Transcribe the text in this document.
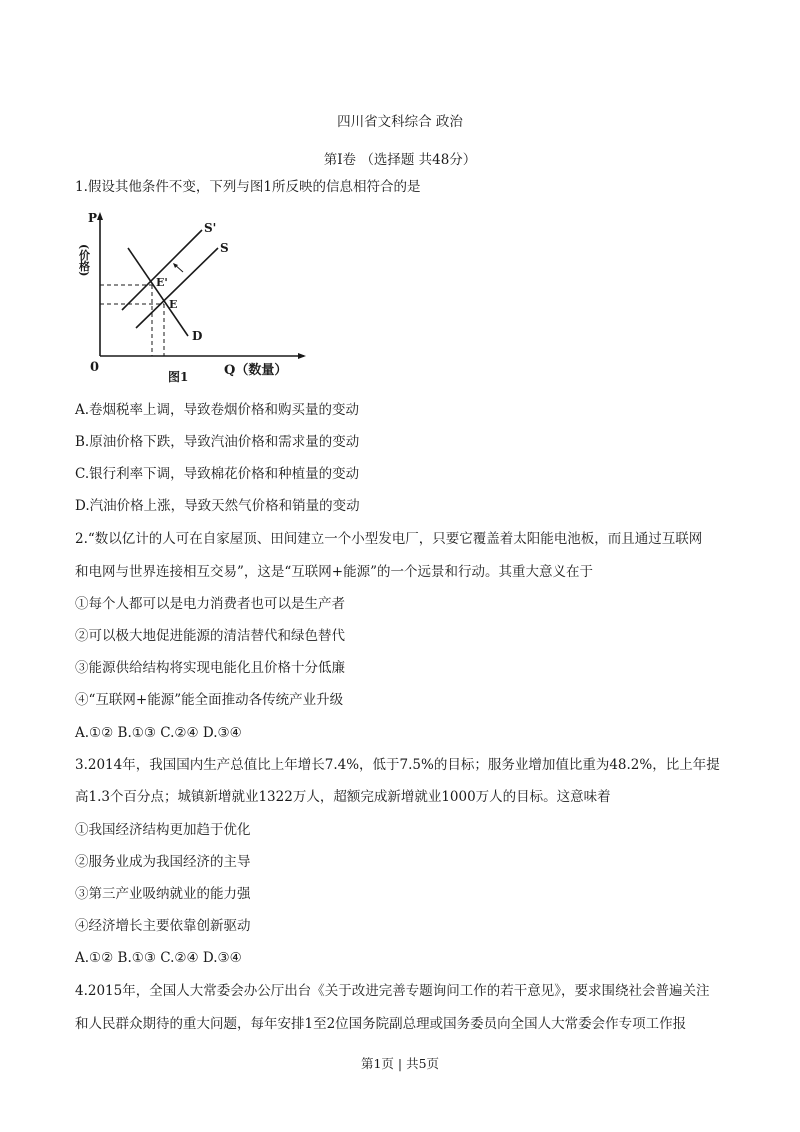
四川省文科综合 政治
第Ⅰ卷 （选择题 共48分）
1.假设其他条件不变，下列与图1所反映的信息相符合的是
P
(价格)
0	Q（数量）
图1
S'
S
E'
E
D
A.卷烟税率上调，导致卷烟价格和购买量的变动
B.原油价格下跌，导致汽油价格和需求量的变动
C.银行利率下调，导致棉花价格和种植量的变动
D.汽油价格上涨，导致天然气价格和销量的变动
2.“数以亿计的人可在自家屋顶、田间建立一个小型发电厂，只要它覆盖着太阳能电池板，而且通过互联网
和电网与世界连接相互交易”，这是“互联网+能源”的一个远景和行动。其重大意义在于
①每个人都可以是电力消费者也可以是生产者
②可以极大地促进能源的清洁替代和绿色替代
③能源供给结构将实现电能化且价格十分低廉
④“互联网+能源”能全面推动各传统产业升级
A.①② B.①③ C.②④ D.③④
3.2014年，我国国内生产总值比上年增长7.4%，低于7.5%的目标；服务业增加值比重为48.2%，比上年提
高1.3个百分点；城镇新增就业1322万人，超额完成新增就业1000万人的目标。这意味着
①我国经济结构更加趋于优化
②服务业成为我国经济的主导
③第三产业吸纳就业的能力强
④经济增长主要依靠创新驱动
A.①② B.①③ C.②④ D.③④
4.2015年，全国人大常委会办公厅出台《关于改进完善专题询问工作的若干意见》，要求围绕社会普遍关注
和人民群众期待的重大问题，每年安排1至2位国务院副总理或国务委员向全国人大常委会作专项工作报
第1页 | 共5页
